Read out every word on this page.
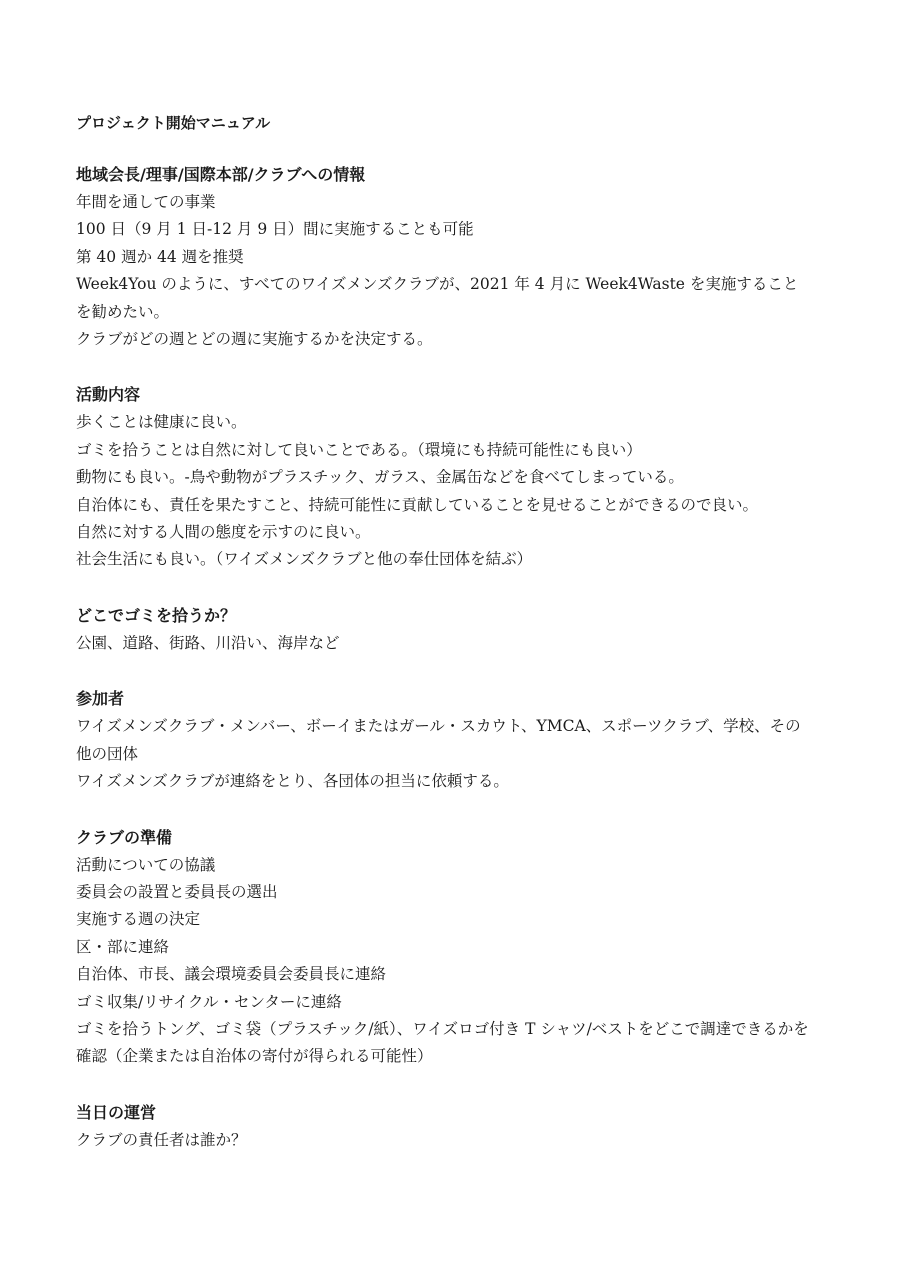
プロジェクト開始マニュアル
地域会長/理事/国際本部/クラブへの情報
年間を通しての事業
100 日（9 月 1 日-12 月 9 日）間に実施することも可能
第 40 週か 44 週を推奨
Week4You のように、すべてのワイズメンズクラブが、2021 年 4 月に Week4Waste を実施すること
を勧めたい。
クラブがどの週とどの週に実施するかを決定する。
活動内容
歩くことは健康に良い。
ゴミを拾うことは自然に対して良いことである。（環境にも持続可能性にも良い）
動物にも良い。-鳥や動物がプラスチック、ガラス、金属缶などを食べてしまっている。
自治体にも、責任を果たすこと、持続可能性に貢献していることを見せることができるので良い。
自然に対する人間の態度を示すのに良い。
社会生活にも良い。（ワイズメンズクラブと他の奉仕団体を結ぶ）
どこでゴミを拾うか？
公園、道路、街路、川沿い、海岸など
参加者
ワイズメンズクラブ・メンバー、ボーイまたはガール・スカウト、YMCA、スポーツクラブ、学校、その
他の団体
ワイズメンズクラブが連絡をとり、各団体の担当に依頼する。
クラブの準備
活動についての協議
委員会の設置と委員長の選出
実施する週の決定
区・部に連絡
自治体、市長、議会環境委員会委員長に連絡
ゴミ収集/リサイクル・センターに連絡
ゴミを拾うトング、ゴミ袋（プラスチック/紙）、ワイズロゴ付き T シャツ/ベストをどこで調達できるかを
確認（企業または自治体の寄付が得られる可能性）
当日の運営
クラブの責任者は誰か？
